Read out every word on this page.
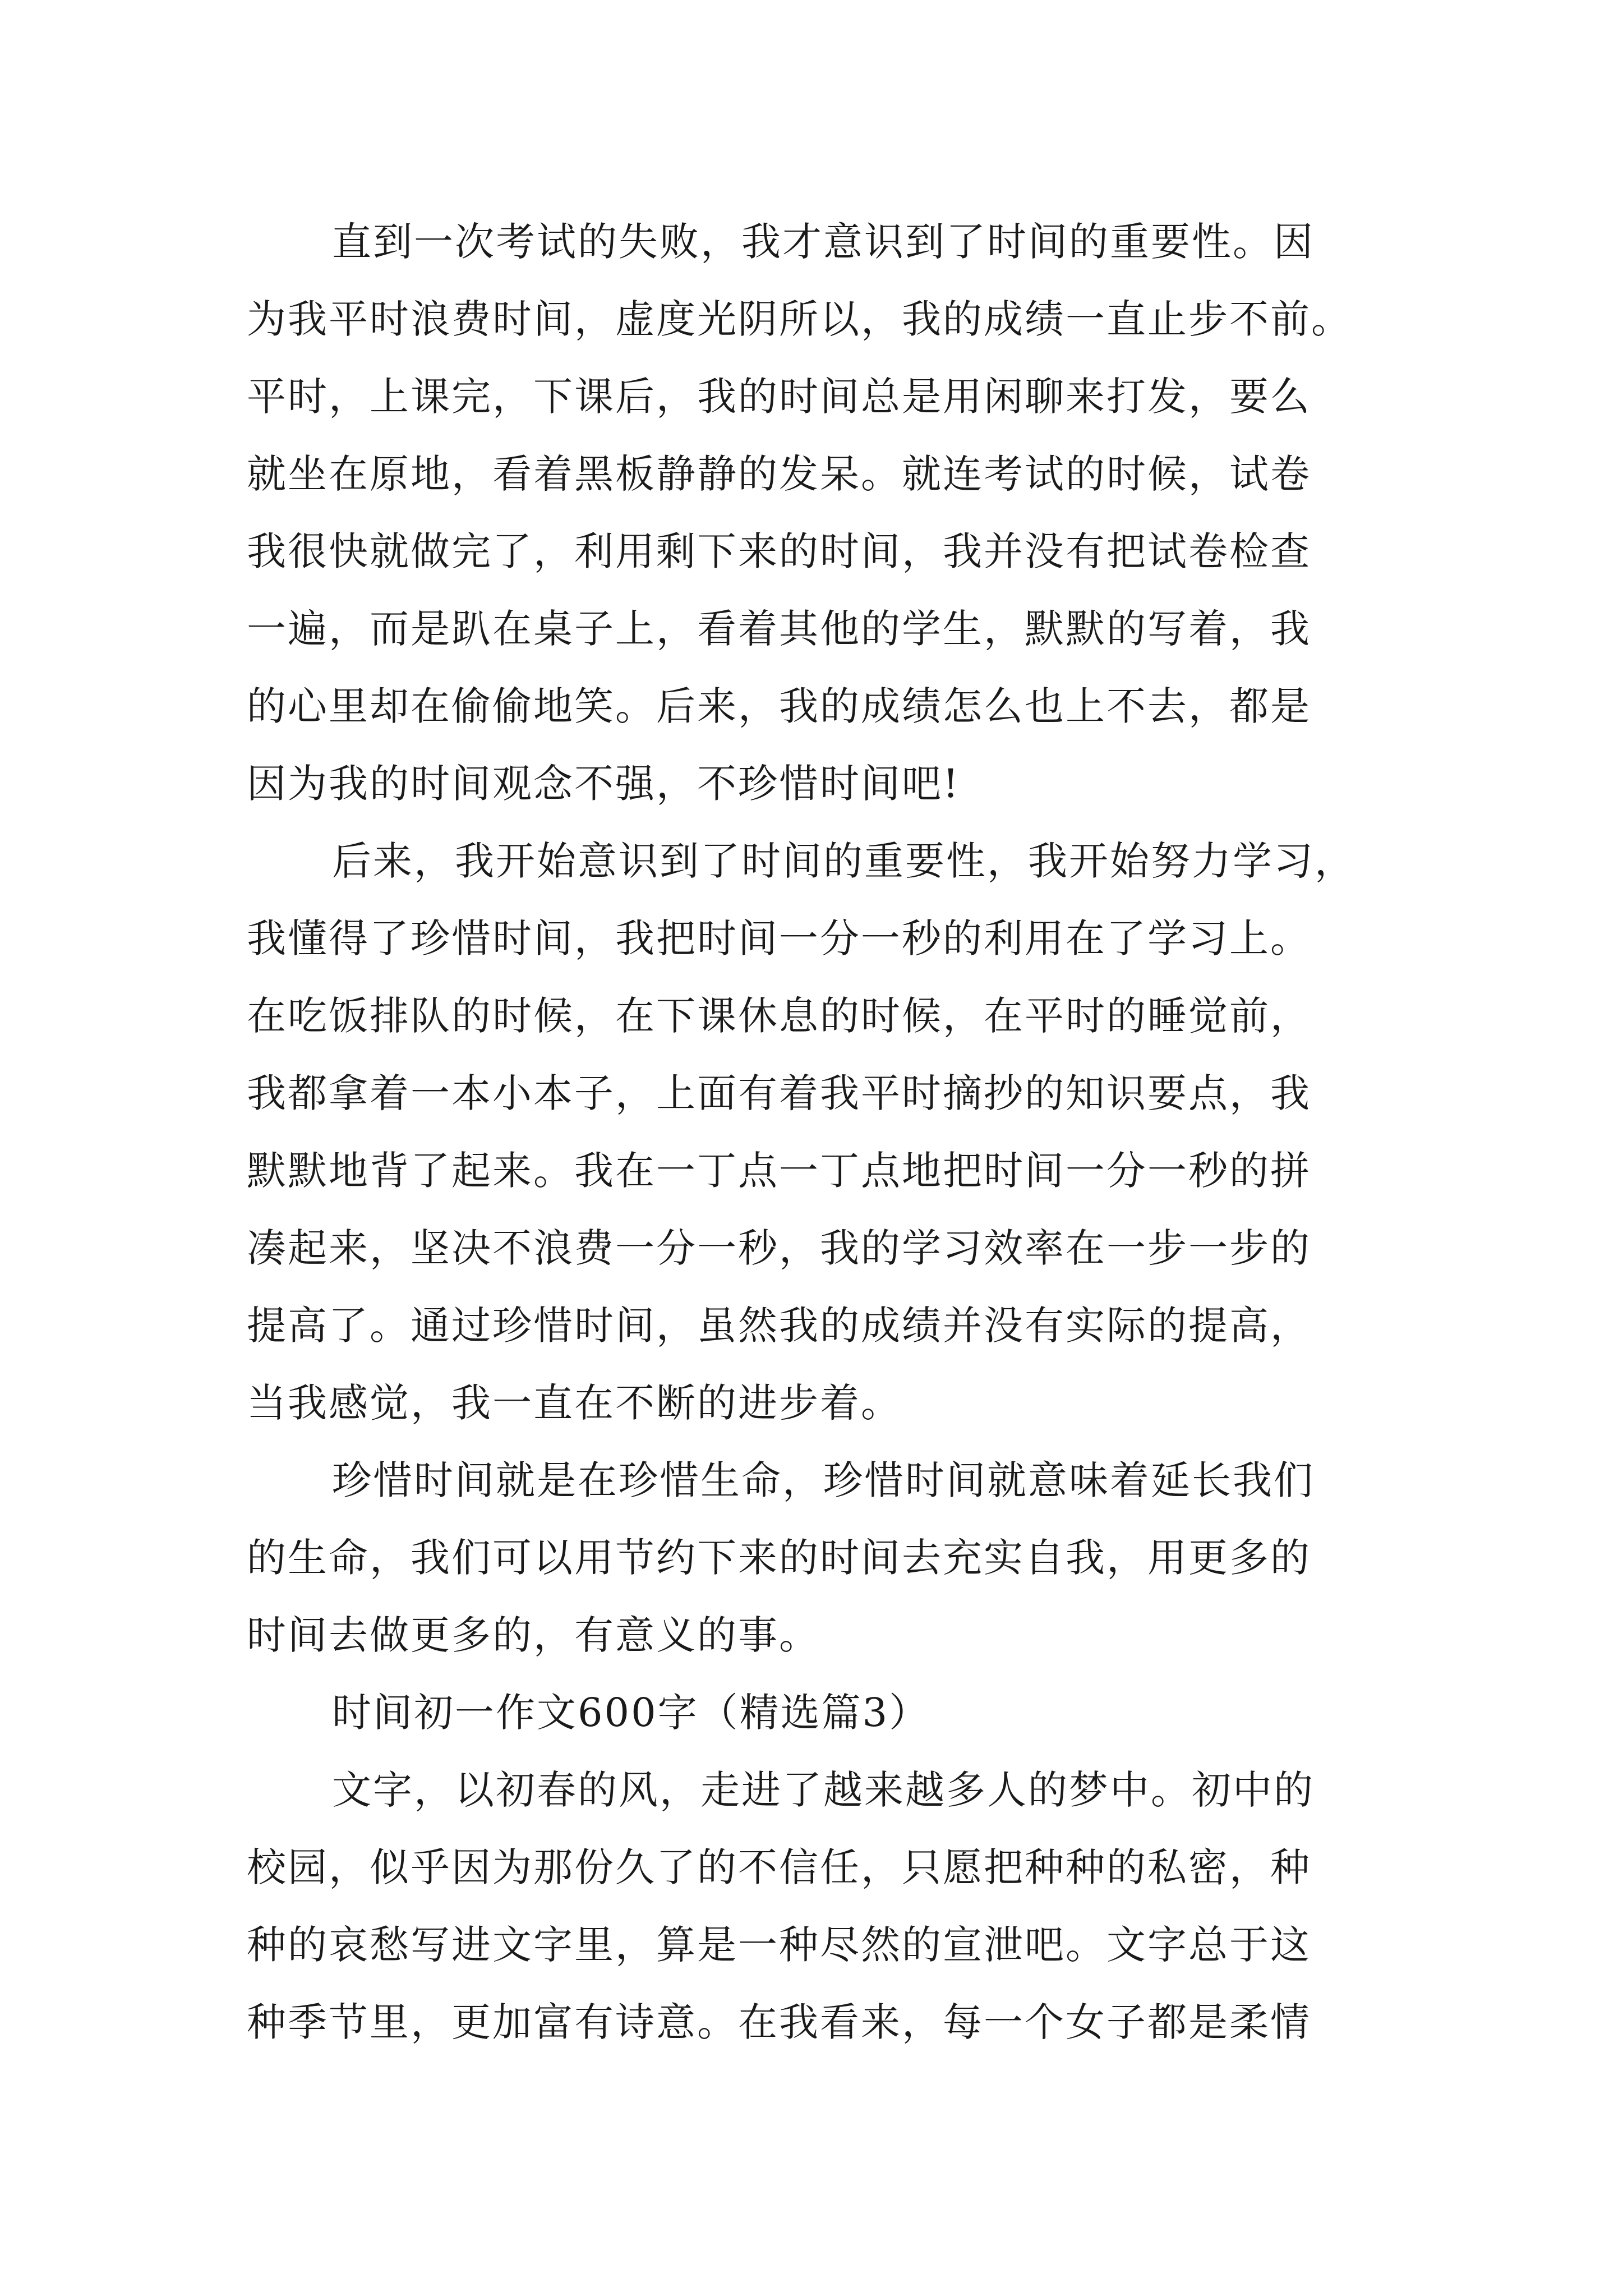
直到一次考试的失败，我才意识到了时间的重要性。因
为我平时浪费时间，虚度光阴所以，我的成绩一直止步不前。
平时，上课完，下课后，我的时间总是用闲聊来打发，要么
就坐在原地，看着黑板静静的发呆。就连考试的时候，试卷
我很快就做完了，利用剩下来的时间，我并没有把试卷检查
一遍，而是趴在桌子上，看着其他的学生，默默的写着，我
的心里却在偷偷地笑。后来，我的成绩怎么也上不去，都是
因为我的时间观念不强，不珍惜时间吧!
后来，我开始意识到了时间的重要性，我开始努力学习，
我懂得了珍惜时间，我把时间一分一秒的利用在了学习上。
在吃饭排队的时候，在下课休息的时候，在平时的睡觉前，
我都拿着一本小本子，上面有着我平时摘抄的知识要点，我
默默地背了起来。我在一丁点一丁点地把时间一分一秒的拼
凑起来，坚决不浪费一分一秒，我的学习效率在一步一步的
提高了。通过珍惜时间，虽然我的成绩并没有实际的提高，
当我感觉，我一直在不断的进步着。
珍惜时间就是在珍惜生命，珍惜时间就意味着延长我们
的生命，我们可以用节约下来的时间去充实自我，用更多的
时间去做更多的，有意义的事。
时间初一作文600字（精选篇3）
文字，以初春的风，走进了越来越多人的梦中。初中的
校园，似乎因为那份久了的不信任，只愿把种种的私密，种
种的哀愁写进文字里，算是一种尽然的宣泄吧。文字总于这
种季节里，更加富有诗意。在我看来，每一个女子都是柔情
